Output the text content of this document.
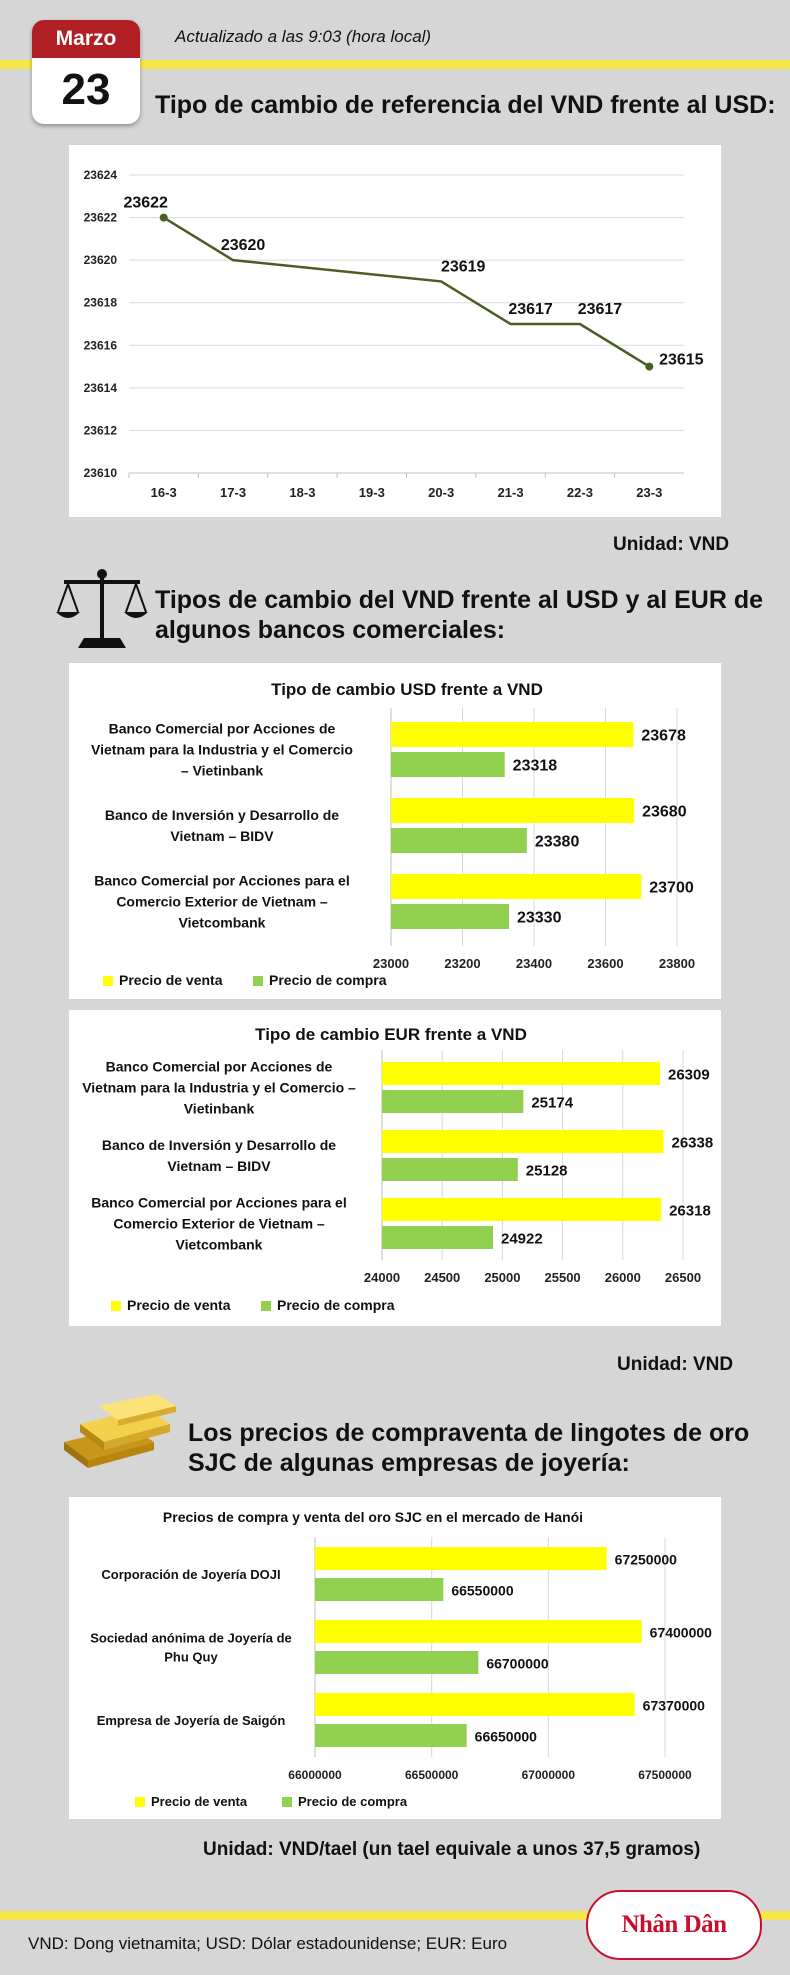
Marzo
23
Actualizado a las 9:03 (hora local)
Tipo de cambio de referencia del VND frente al USD:
23610
23612
23614
23616
23618
23620
23622
23624
16-3	17-3	18-3	19-3	20-3	21-3	22-3	23-3
23622
23620
23619
23617 23617
23615
Unidad: VND
Tipos de cambio del VND frente al USD y al EUR de
algunos bancos comerciales:
Tipo de cambio USD frente a VND
23000	23200	23400	23600	23800
23678
23318
Banco Comercial por Acciones de
Vietnam para la Industria y el Comercio
– Vietinbank
23680
23380
Banco de Inversión y Desarrollo de
Vietnam – BIDV
23700
23330
Banco Comercial por Acciones para el
Comercio Exterior de Vietnam –
Vietcombank
Precio de venta	Precio de compra
Tipo de cambio EUR frente a VND
24000 24500 25000 25500 26000 26500
26309
25174
Banco Comercial por Acciones de
Vietnam para la Industria y el Comercio –
Vietinbank
26338
25128
Banco de Inversión y Desarrollo de
Vietnam – BIDV
26318
24922
Banco Comercial por Acciones para el
Comercio Exterior de Vietnam –
Vietcombank
Precio de venta	Precio de compra
Unidad: VND
Los precios de compraventa de lingotes de oro
SJC de algunas empresas de joyería:
Precios de compra y venta del oro SJC en el mercado de Hanói
66000000	66500000	67000000	67500000
67250000
66550000
Corporación de Joyería DOJI
67400000
66700000
Sociedad anónima de Joyería de
Phu Quy
67370000
66650000
Empresa de Joyería de Saigón
Precio de venta	Precio de compra
Unidad: VND/tael (un tael equivale a unos 37,5 gramos)
VND: Dong vietnamita; USD: Dólar estadounidense; EUR: Euro
Nhân Dân
